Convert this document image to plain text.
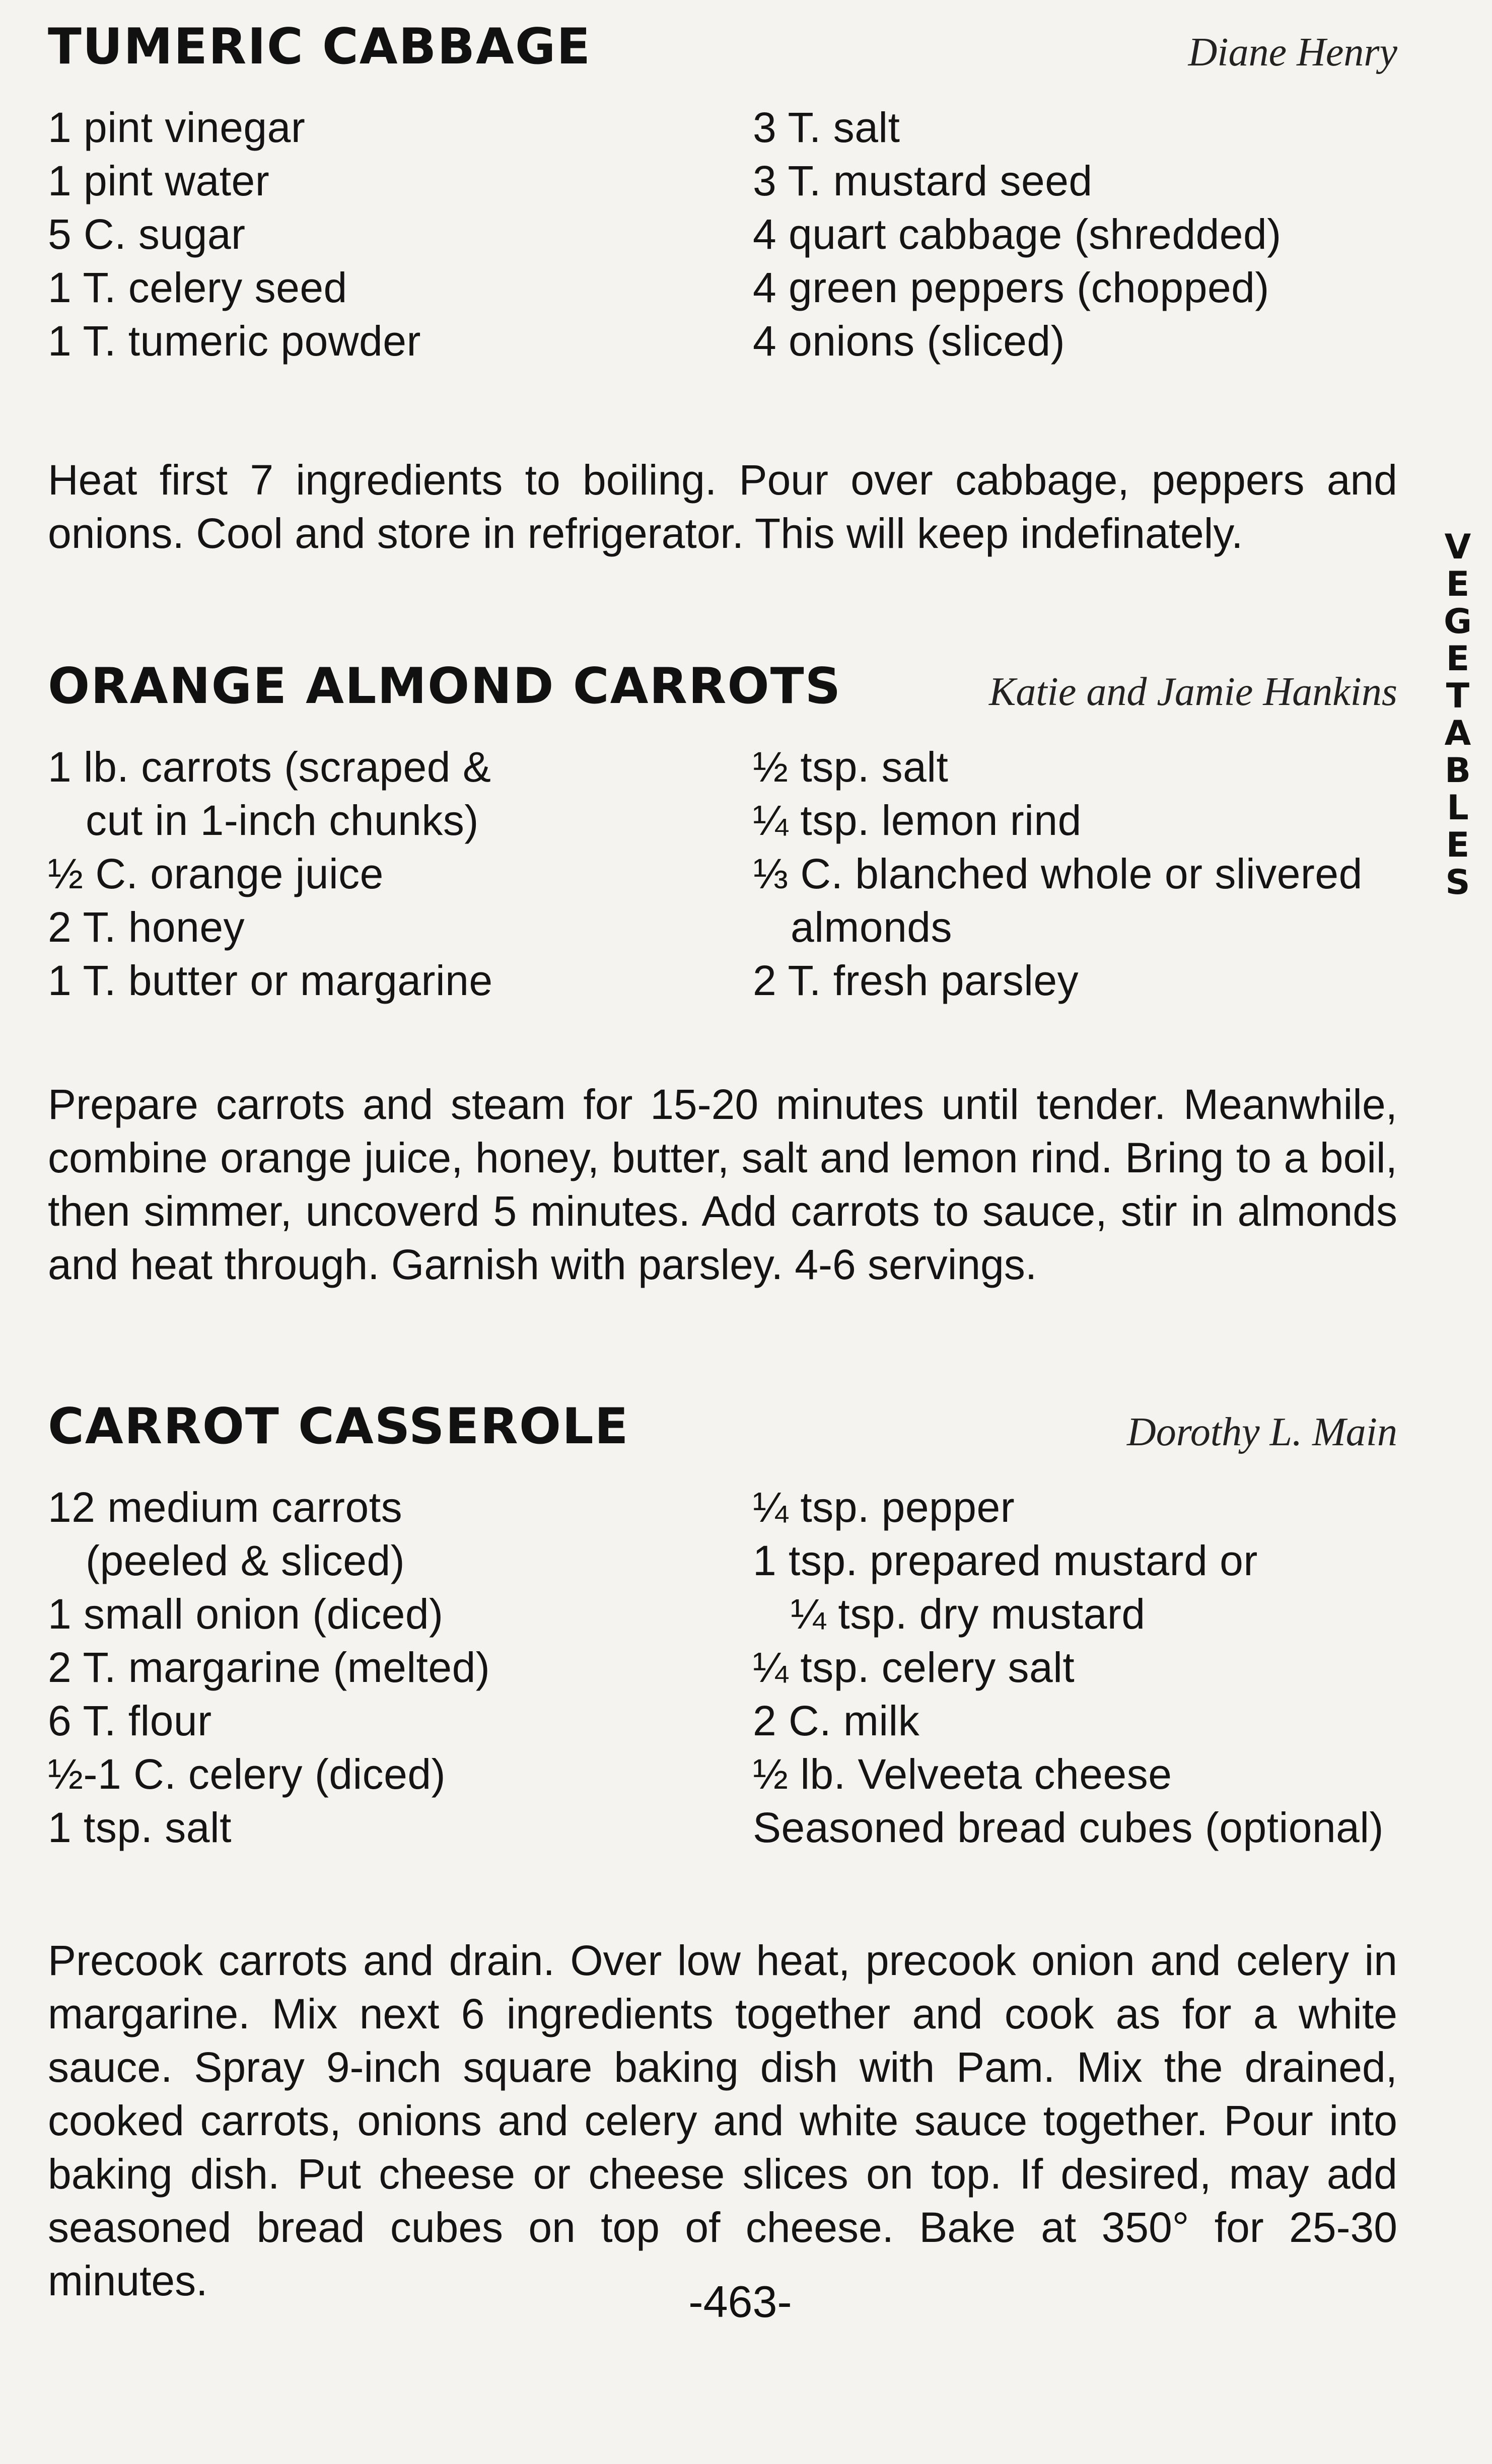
TUMERIC CABBAGE	Diane Henry
1 pint vinegar
1 pint water
5 C. sugar
1 T. celery seed
1 T. tumeric powder
3 T. salt
3 T. mustard seed
4 quart cabbage (shredded)
4 green peppers (chopped)
4 onions (sliced)

Heat first 7 ingredients to boiling. Pour over cabbage, peppers and onions. Cool and store in refrigerator. This will keep indefinately.

ORANGE ALMOND CARROTS	Katie and Jamie Hankins
1 lb. carrots (scraped &
cut in 1-inch chunks)
½ C. orange juice
2 T. honey
1 T. butter or margarine
½ tsp. salt
¼ tsp. lemon rind
⅓ C. blanched whole or slivered
almonds
2 T. fresh parsley

Prepare carrots and steam for 15-20 minutes until tender. Meanwhile, combine orange juice, honey, butter, salt and lemon rind. Bring to a boil, then simmer, uncoverd 5 minutes. Add carrots to sauce, stir in almonds and heat through. Garnish with parsley. 4-6 servings.

CARROT CASSEROLE	Dorothy L. Main
12 medium carrots
(peeled & sliced)
1 small onion (diced)
2 T. margarine (melted)
6 T. flour
½-1 C. celery (diced)
1 tsp. salt
¼ tsp. pepper
1 tsp. prepared mustard or
¼ tsp. dry mustard
¼ tsp. celery salt
2 C. milk
½ lb. Velveeta cheese
Seasoned bread cubes (optional)

Precook carrots and drain. Over low heat, precook onion and celery in margarine. Mix next 6 ingredients together and cook as for a white sauce. Spray 9-inch square baking dish with Pam. Mix the drained, cooked carrots, onions and celery and white sauce together. Pour into baking dish. Put cheese or cheese slices on top. If desired, may add seasoned bread cubes on top of cheese. Bake at 350° for 25-30 minutes.	-463-
V
E
G
E
T
A
B
L
E
S
